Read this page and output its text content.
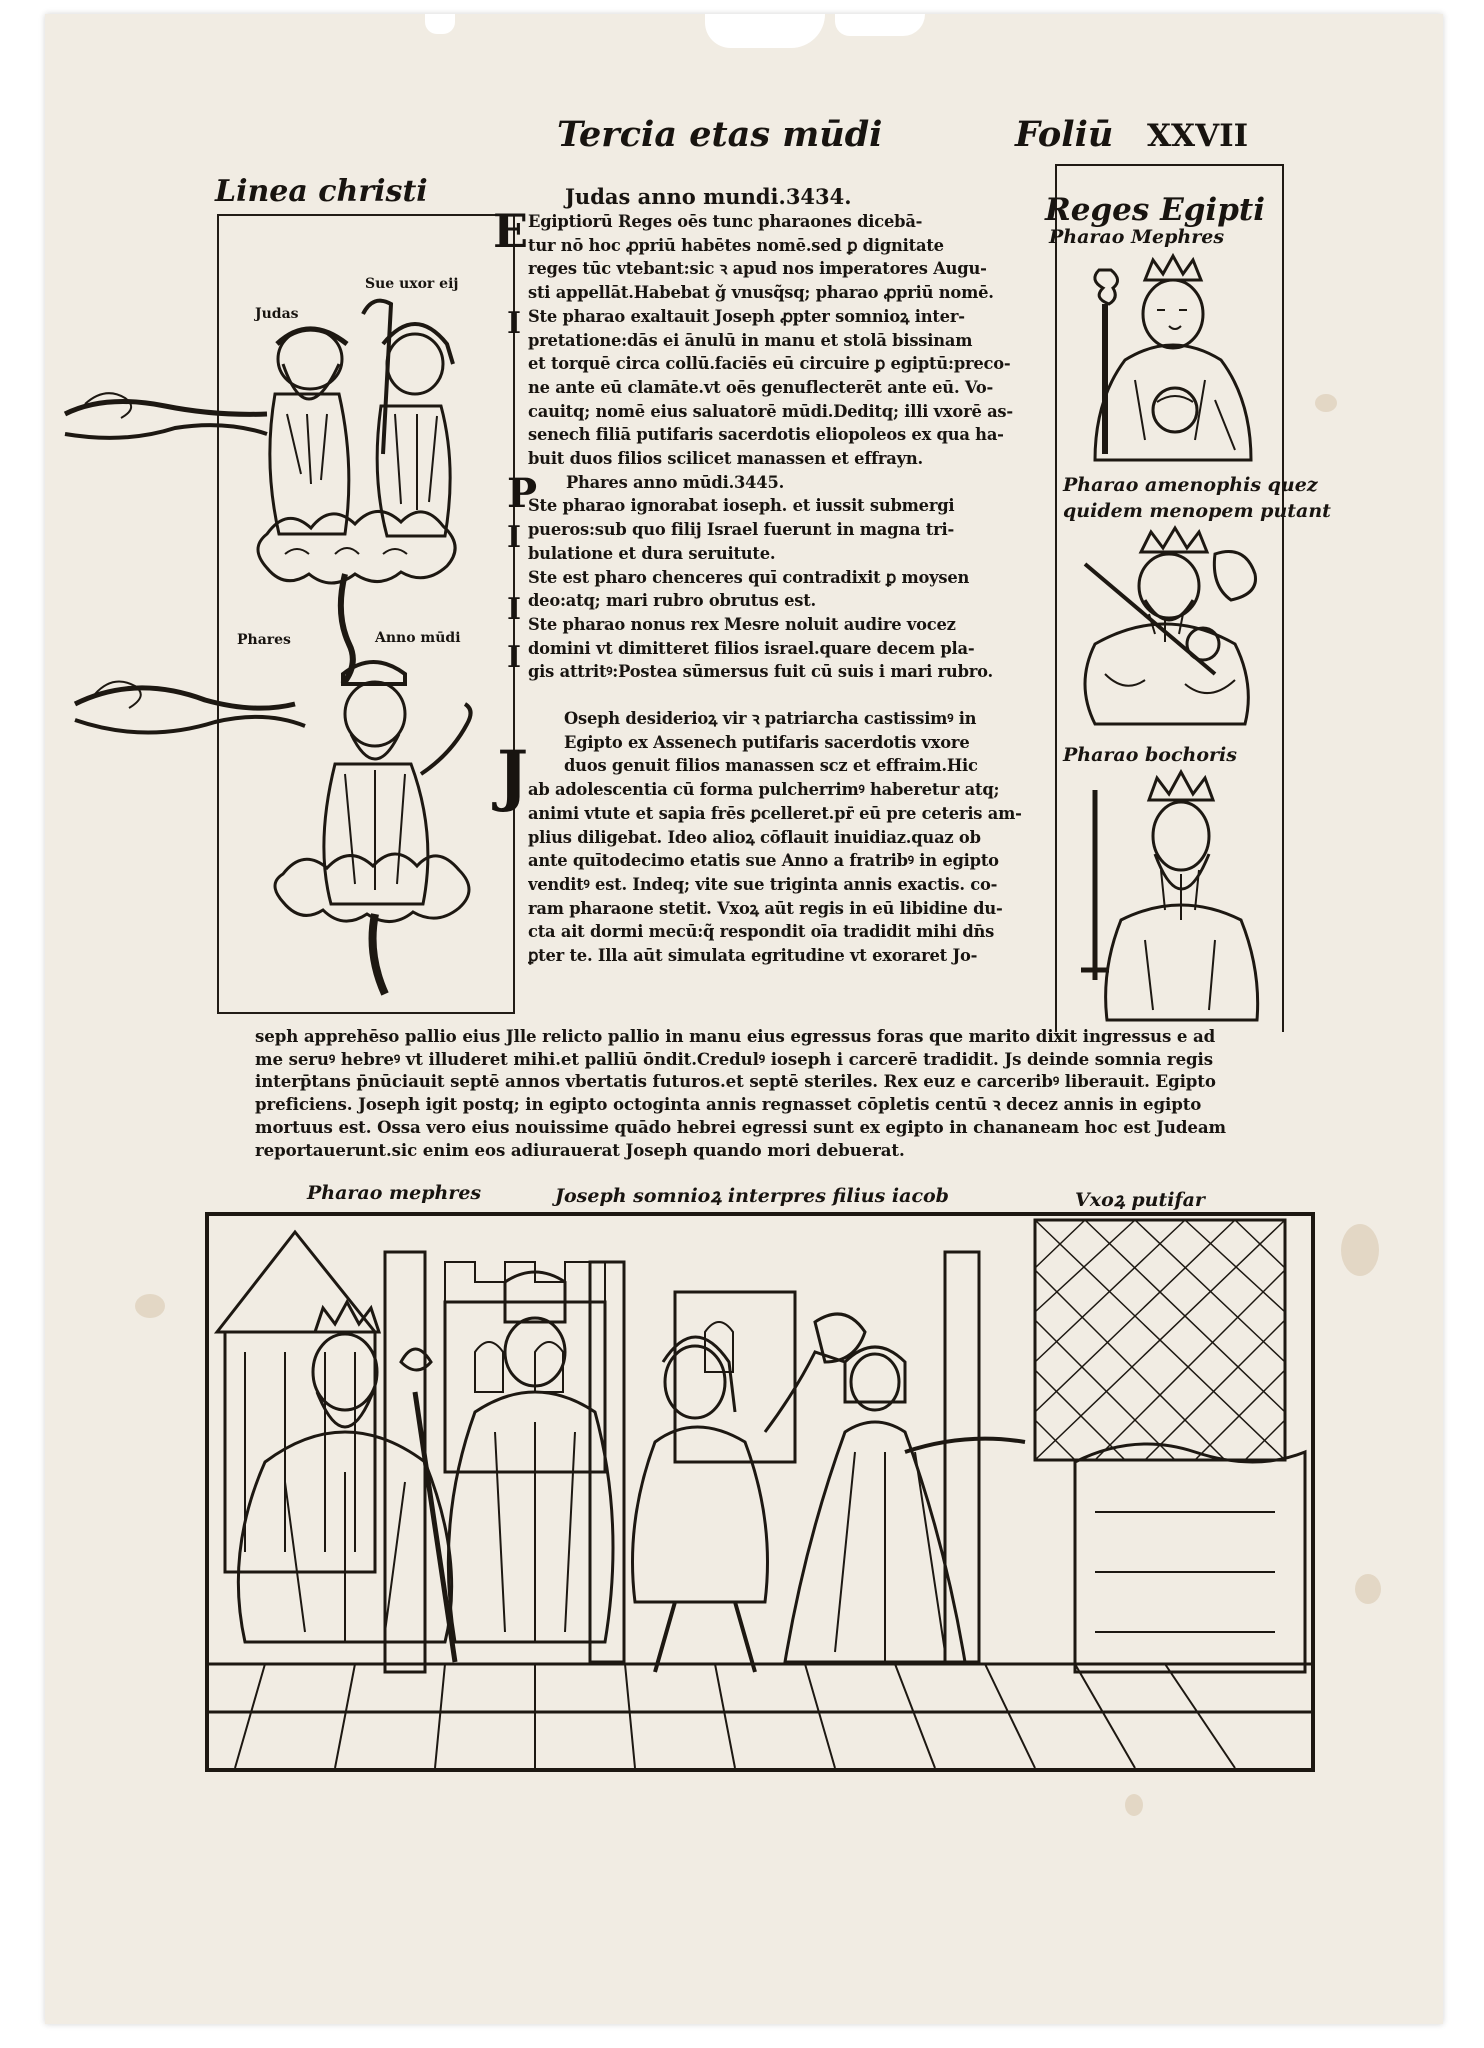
Tercia etas mūdi	Foliū XXVII
Linea christi	Judas anno mundi.3434.
Judas
Sue uxor eij
Phares	Anno mūdi
Egiptiorū Reges oēs tunc pharaones dicebā-
tur nō hoc ꝓpriū habētes nomē.sed ꝑ dignitate
reges tūc vtebant:sic ꝛ apud nos imperatores Augu-
sti appellāt.Habebat ǧ vnusq̃sq; pharao ꝓpriū nomē.
Ste pharao exaltauit Joseph ꝓpter somnioꝝ inter-
pretatione:dās ei ānulū in manu et stolā bissinam
et torquē circa collū.faciēs eū circuire ꝑ egiptū:preco-
ne ante eū clamāte.vt oēs genuflecterēt ante eū. Vo-
cauitq; nomē eius saluatorē mūdi.Deditq; illi vxorē as-
senech filiā putifaris sacerdotis eliopoleos ex qua ha-
buit duos filios scilicet manassen et effrayn.
Phares anno mūdi.3445.
Ste pharao ignorabat ioseph. et iussit submergi
pueros:sub quo filij Israel fuerunt in magna tri-
bulatione et dura seruitute.
Ste est pharo chenceres quī contradixit ꝑ moysen
deo:atq; mari rubro obrutus est.
Ste pharao nonus rex Mesre noluit audire vocez
domini vt dimitteret filios israel.quare decem pla-
gis attritꝰ:Postea sūmersus fuit cū suis i mari rubro.
Oseph desiderioꝝ vir ꝛ patriarcha castissimꝰ in
Egipto ex Assenech putifaris sacerdotis vxore
duos genuit filios manassen scz et effraim.Hic
ab adolescentia cū forma pulcherrimꝰ haberetur atq;
animi vtute et sapia frēs ꝑcelleret.pr̄ eū pre ceteris am-
plius diligebat. Ideo alioꝝ cōflauit inuidiaz.quaz ob
ante quītodecimo etatis sue Anno a fratribꝰ in egipto
venditꝰ est. Indeq; vite sue triginta annis exactis. co-
ram pharaone stetit. Vxoꝝ aūt regis in eū libidine du-
cta ait dormi mecū:q̃ respondit oīa tradidit mihi dn̄s
ꝑter te. Illa aūt simulata egritudine vt exoraret Jo-
E
I
P
I
I
I
J
seph apprehēso pallio eius Jlle relicto pallio in manu eius egressus foras que marito dixit ingressus e ad
me seruꝰ hebreꝰ vt illuderet mihi.et palliū ōndit.Credulꝰ ioseph i carcerē tradidit. Js deinde somnia regis
interp̄tans p̄nūciauit septē annos vbertatis futuros.et septē steriles. Rex euz e carceribꝰ liberauit. Egipto
preficiens. Joseph igit postq; in egipto octoginta annis regnasset cōpletis centū ꝛ decez annis in egipto
mortuus est. Ossa vero eius nouissime quādo hebrei egressi sunt ex egipto in chananeam hoc est Judeam
reportauerunt.sic enim eos adiurauerat Joseph quando mori debuerat.
Reges Egipti
Pharao Mephres
Pharao amenophis quez
quidem menopem putant
Pharao bochoris
Pharao mephres	Joseph somnioꝝ interpres filius iacob	Vxoꝝ putifar
